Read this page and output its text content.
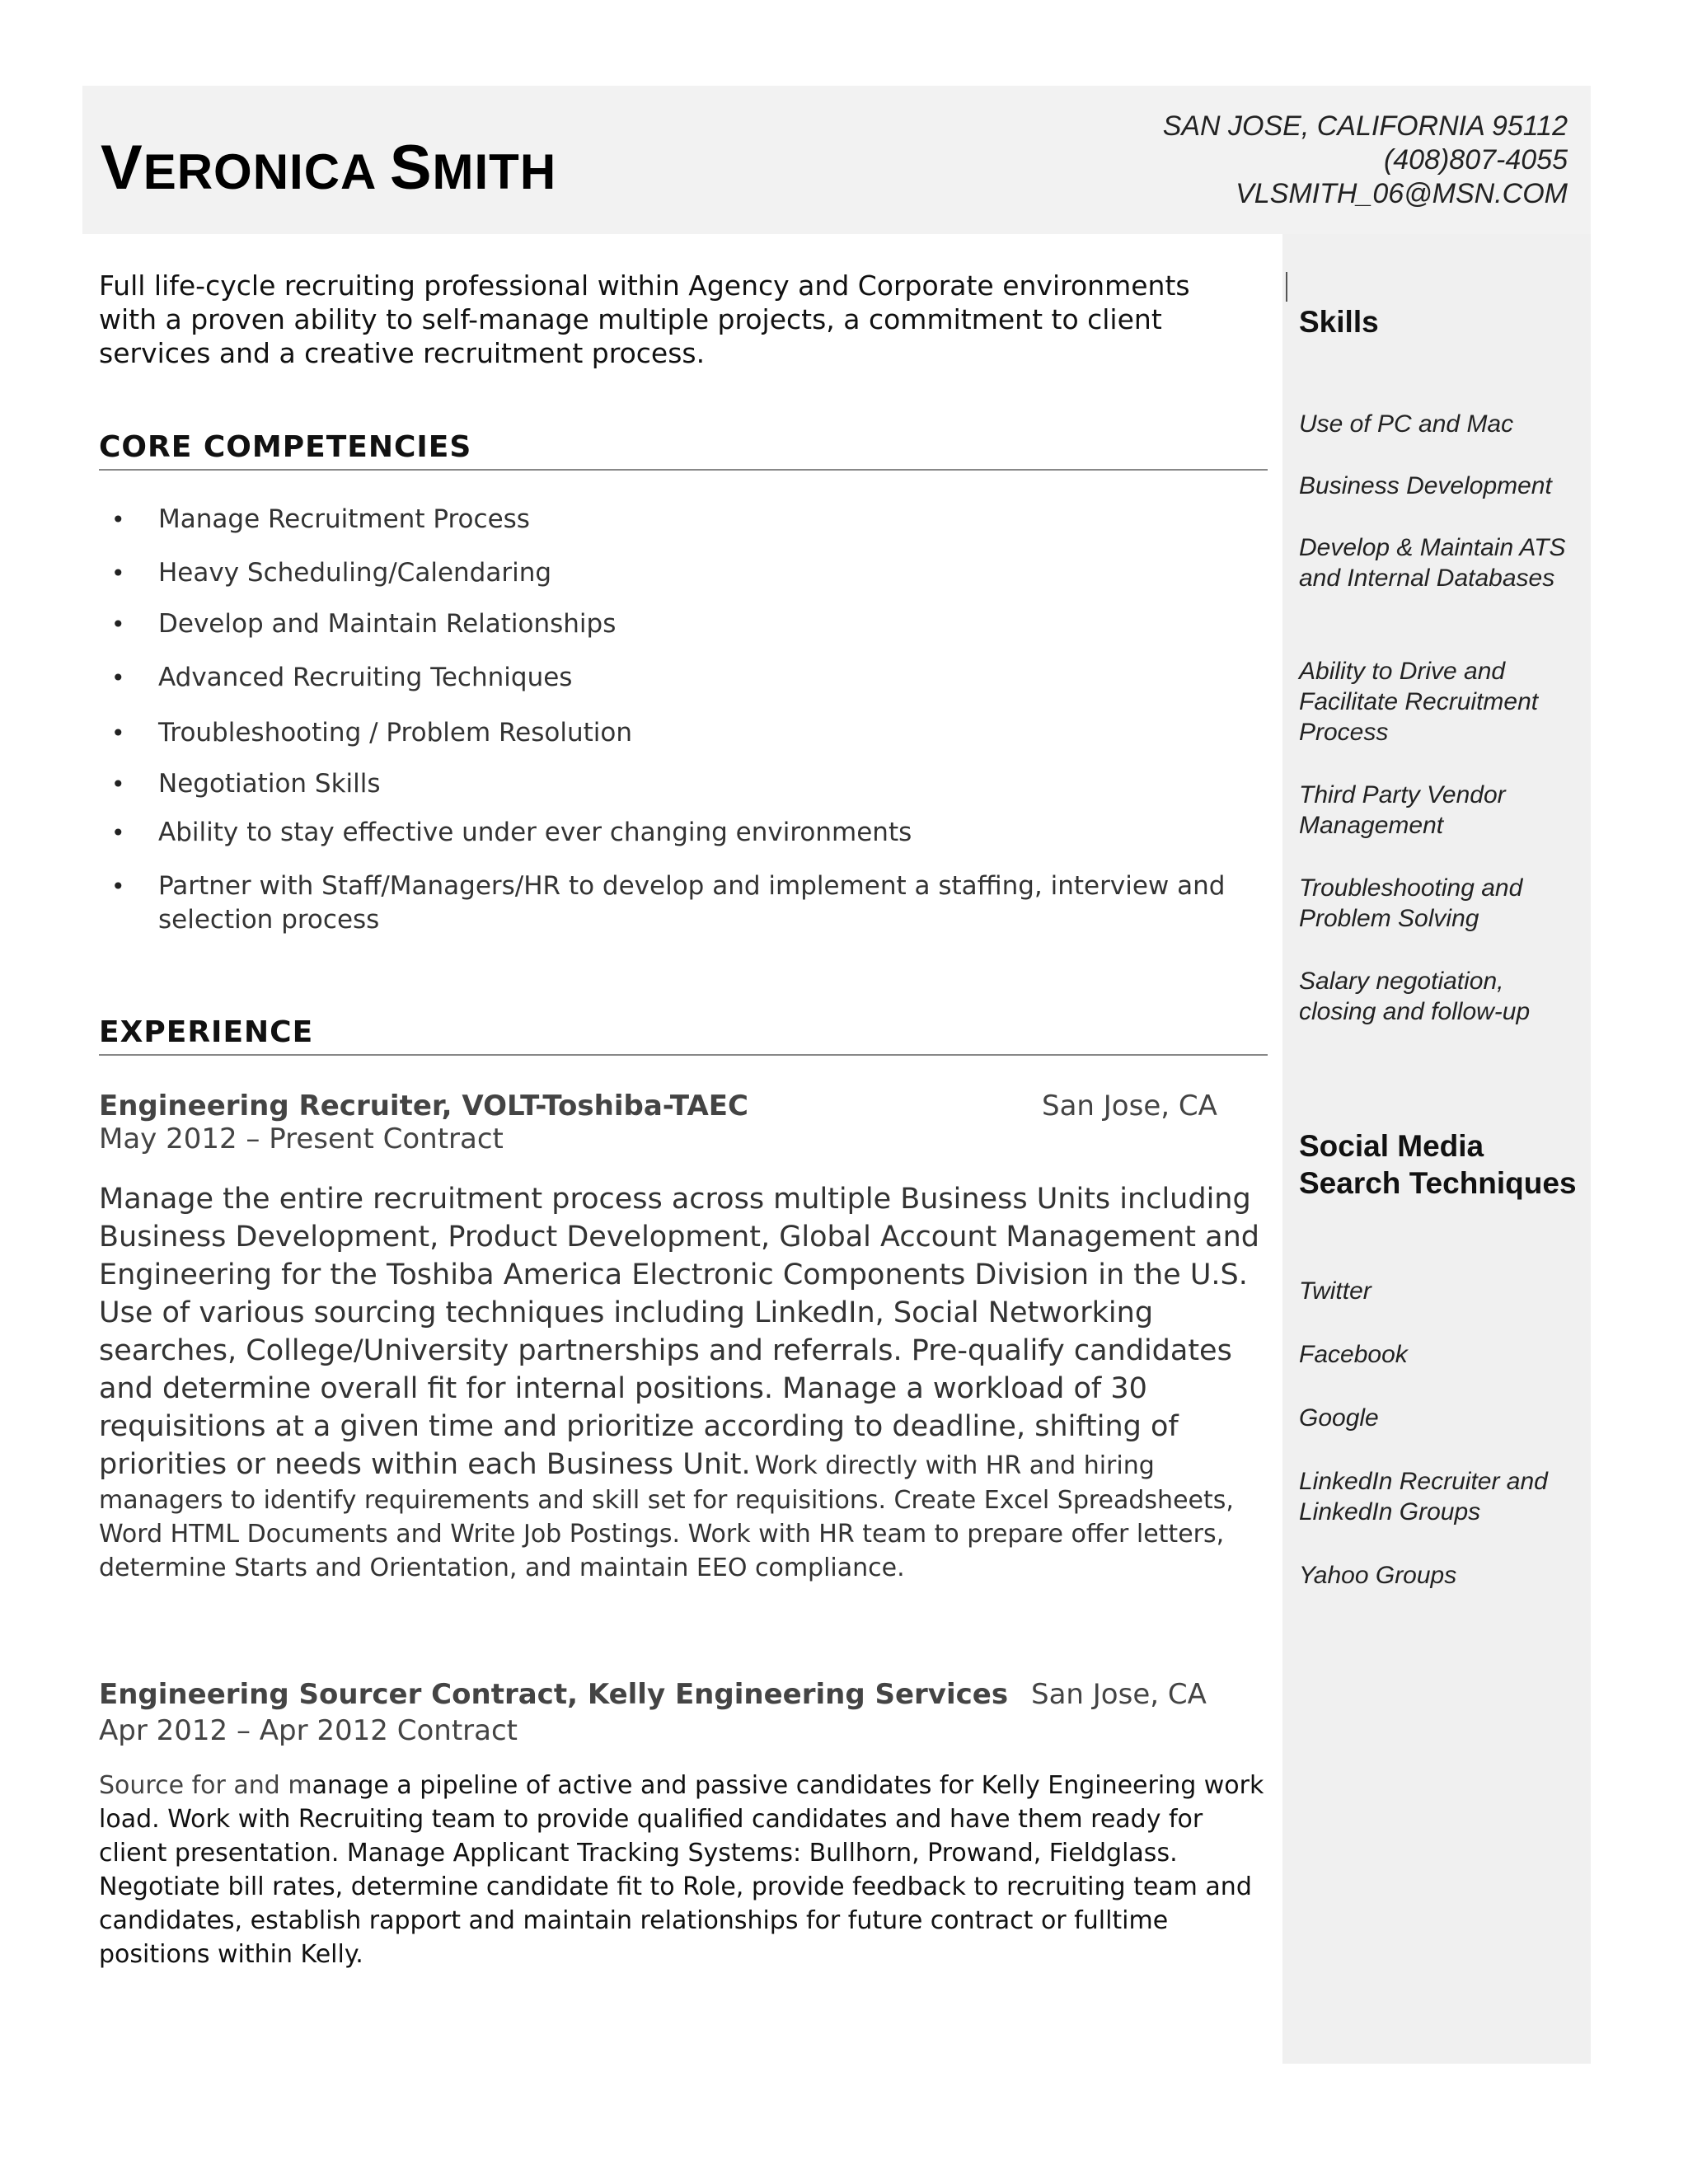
VERONICA SMITH
SAN JOSE, CALIFORNIA 95112
(408)807-4055
VLSMITH_06@MSN.COM

Full life-cycle recruiting professional within Agency and Corporate environments with a proven ability to self-manage multiple projects, a commitment to client services and a creative recruitment process.

CORE COMPETENCIES
• Manage Recruitment Process
• Heavy Scheduling/Calendaring
• Develop and Maintain Relationships
• Advanced Recruiting Techniques
• Troubleshooting / Problem Resolution
• Negotiation Skills
• Ability to stay effective under ever changing environments
• Partner with Staff/Managers/HR to develop and implement a staffing, interview and selection process
EXPERIENCE
Engineering Recruiter, VOLT-Toshiba-TAEC	San Jose, CA
May 2012 – Present Contract

Manage the entire recruitment process across multiple Business Units including Business Development, Product Development, Global Account Management and Engineering for the Toshiba America Electronic Components Division in the U.S. Use of various sourcing techniques including LinkedIn, Social Networking searches, College/University partnerships and referrals. Pre-qualify candidates and determine overall fit for internal positions. Manage a workload of 30 requisitions at a given time and prioritize according to deadline, shifting of priorities or needs within each Business Unit. Work directly with HR and hiring managers to identify requirements and skill set for requisitions. Create Excel Spreadsheets, Word HTML Documents and Write Job Postings. Work with HR team to prepare offer letters, determine Starts and Orientation, and maintain EEO compliance.

Engineering Sourcer Contract, Kelly Engineering Services San Jose, CA
Apr 2012 – Apr 2012 Contract

Source for and manage a pipeline of active and passive candidates for Kelly Engineering work load. Work with Recruiting team to provide qualified candidates and have them ready for client presentation. Manage Applicant Tracking Systems: Bullhorn, Prowand, Fieldglass. Negotiate bill rates, determine candidate fit to Role, provide feedback to recruiting team and candidates, establish rapport and maintain relationships for future contract or fulltime positions within Kelly.

Skills
Use of PC and Mac
Business Development
Develop & Maintain ATS and Internal Databases
Ability to Drive and Facilitate Recruitment Process
Third Party Vendor Management
Troubleshooting and Problem Solving
Salary negotiation, closing and follow-up
Social Media Search Techniques
Twitter
Facebook
Google
LinkedIn Recruiter and LinkedIn Groups
Yahoo Groups
